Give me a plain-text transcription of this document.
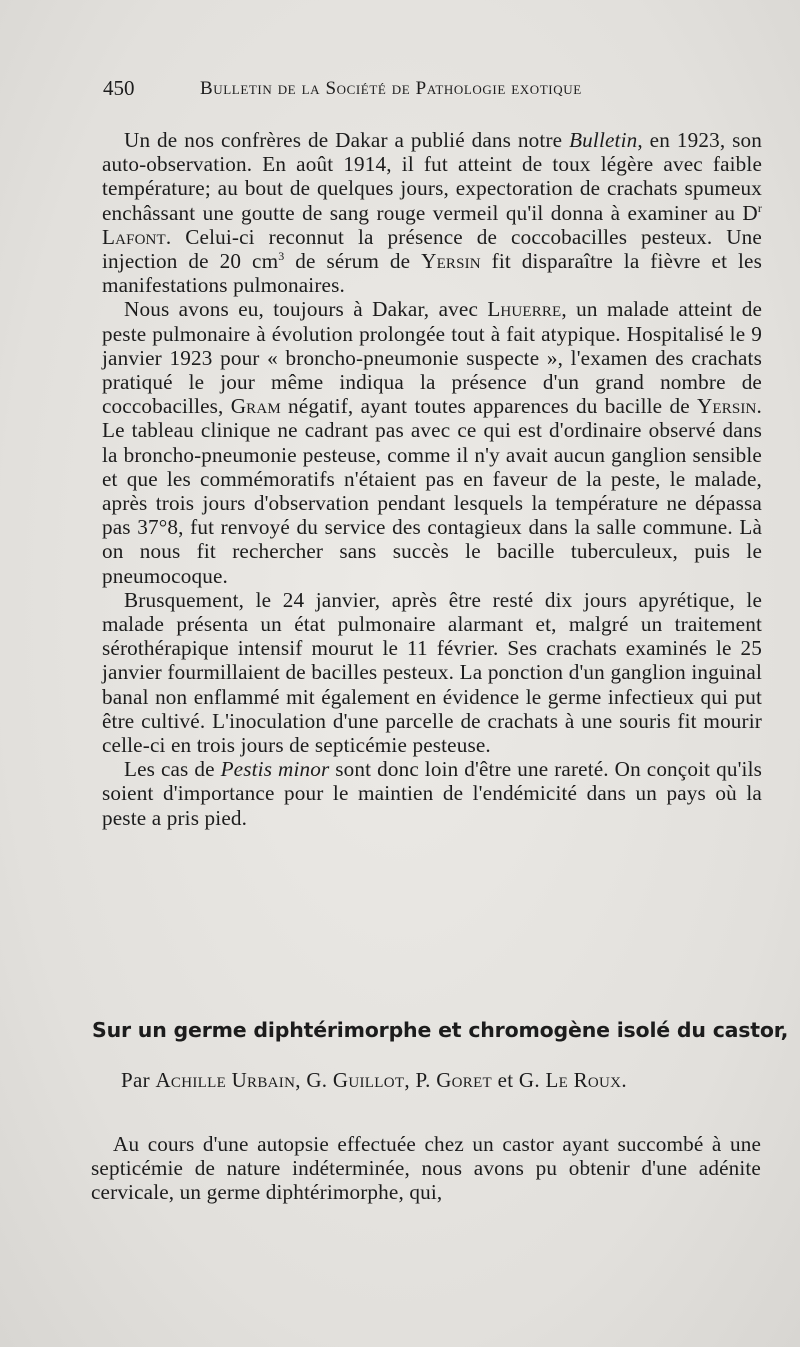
450	Bulletin de la Société de Pathologie exotique

Un de nos confrères de Dakar a publié dans notre Bulletin, en 1923, son auto-observation. En août 1914, il fut atteint de toux légère avec faible température; au bout de quelques jours, expectoration de crachats spumeux enchâssant une goutte de sang rouge vermeil qu'il donna à examiner au $D^r$ Lafont. Celui-ci reconnut la présence de coccobacilles pesteux. Une injection de 20 $cm^3$ de sérum de Yersin fit disparaître la fièvre et les manifestations pulmonaires.

Nous avons eu, toujours à Dakar, avec Lhuerre, un malade atteint de peste pulmonaire à évolution prolongée tout à fait atypique. Hospitalisé le 9 janvier 1923 pour « broncho-pneumonie suspecte », l'examen des crachats pratiqué le jour même indiqua la présence d'un grand nombre de coccobacilles, Gram négatif, ayant toutes apparences du bacille de Yersin. Le tableau clinique ne cadrant pas avec ce qui est d'ordinaire observé dans la broncho-pneumonie pesteuse, comme il n'y avait aucun ganglion sensible et que les commémoratifs n'étaient pas en faveur de la peste, le malade, après trois jours d'observation pendant lesquels la température ne dépassa pas 37°8, fut renvoyé du service des contagieux dans la salle commune. Là on nous fit rechercher sans succès le bacille tuberculeux, puis le pneumocoque.

Brusquement, le 24 janvier, après être resté dix jours apyrétique, le malade présenta un état pulmonaire alarmant et, malgré un traitement sérothérapique intensif mourut le 11 février. Ses crachats examinés le 25 janvier fourmillaient de bacilles pesteux. La ponction d'un ganglion inguinal banal non enflammé mit également en évidence le germe infectieux qui put être cultivé. L'inoculation d'une parcelle de crachats à une souris fit mourir celle-ci en trois jours de septicémie pesteuse.

Les cas de Pestis minor sont donc loin d'être une rareté. On conçoit qu'ils soient d'importance pour le maintien de l'endémicité dans un pays où la peste a pris pied.

Sur un germe diphtérimorphe et chromogène isolé du castor,
Par Achille Urbain, G. Guillot, P. Goret et G. Le Roux.

Au cours d'une autopsie effectuée chez un castor ayant succombé à une septicémie de nature indéterminée, nous avons pu obtenir d'une adénite cervicale, un germe diphtérimorphe, qui,
